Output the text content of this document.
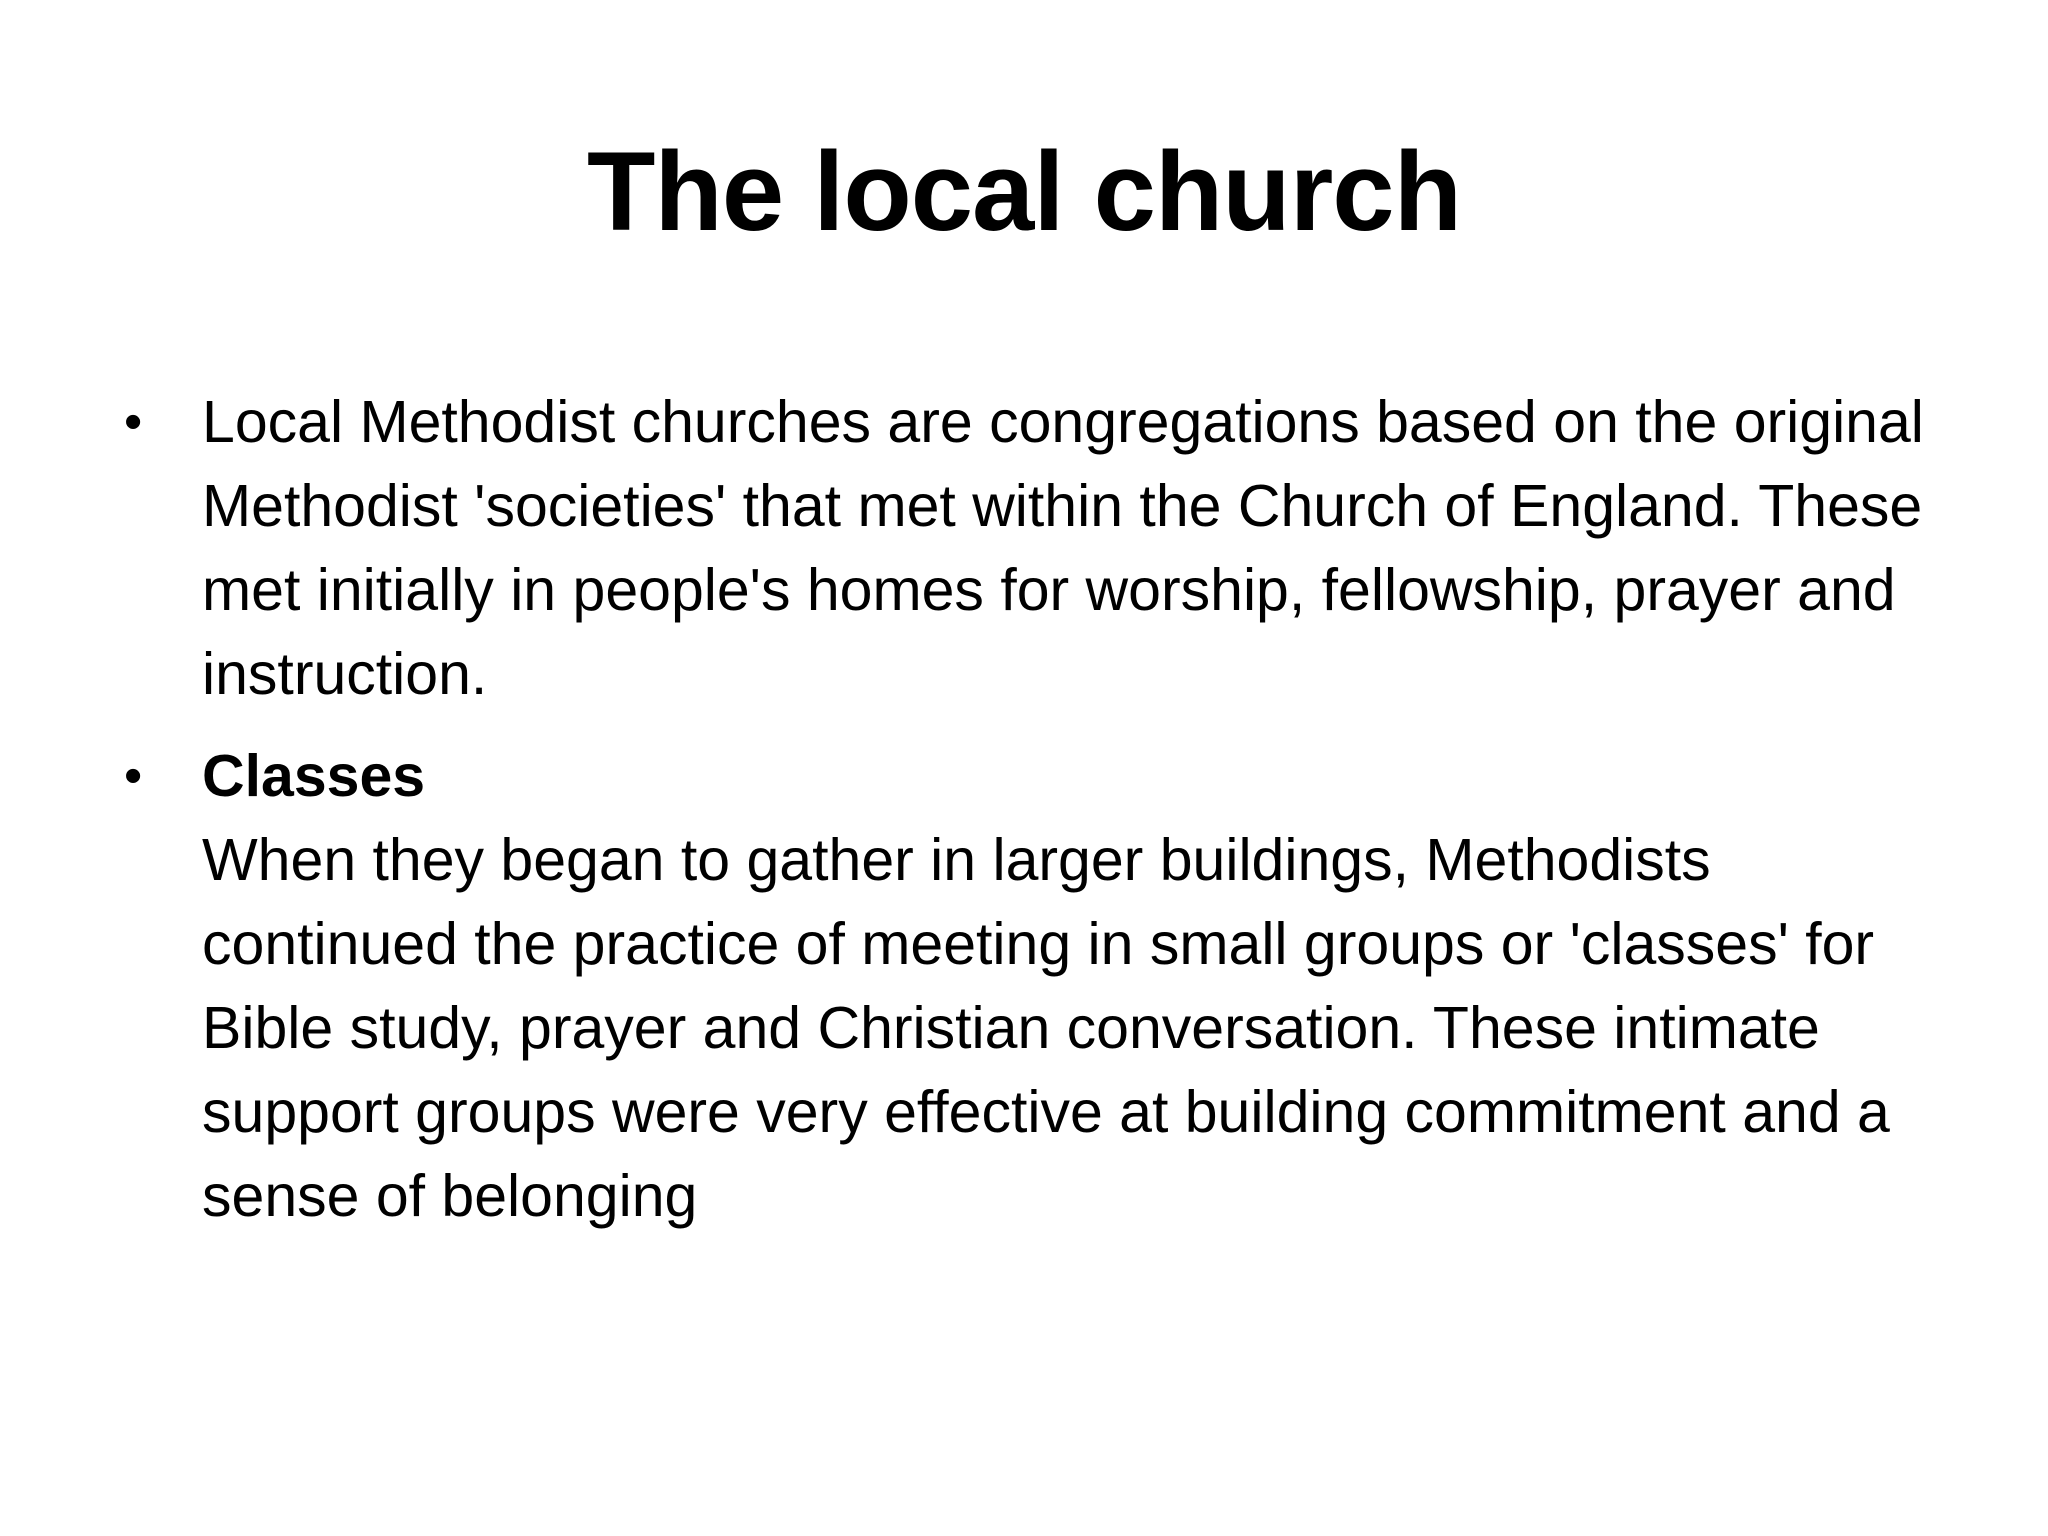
The local church
• Local Methodist churches are congregations based on the original Methodist 'societies' that met within the Church of England. These met initially in people's homes for worship, fellowship, prayer and instruction.
• Classes
When they began to gather in larger buildings, Methodists continued the practice of meeting in small groups or 'classes' for Bible study, prayer and Christian conversation. These intimate support groups were very effective at building commitment and a sense of belonging
